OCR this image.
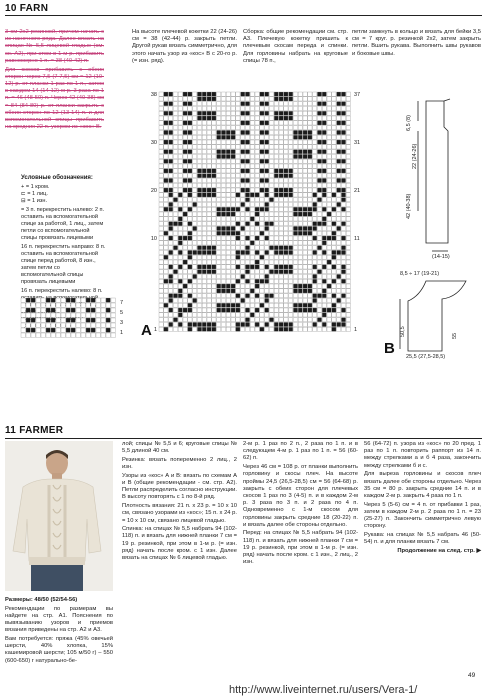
10 FARN

3 см 2x2 резинкой, причем начать с из-наночного ряда. Далее вязать на спицах № 5,5 лицевой гладью (см. сх. А2), при этом в 1-м р. прибавить равномерно 1 п. = 38 (40-42) п.

Для скосов прибавить с обеих сторон через 7,5 (7-7,5) см = 12 (10-12) р. от планки 1 раз по 1 п., затем в каждом 14 (14-12)-м р. 3 раза по 1 п. = 46 (48-50) п. Через 42 (40-38) см = 84 (84-80) р. от планки закрыть с обеих сторон по 12 (13-14) п. и для вспомогательной спицы прибавить на средних 22 п. узором из «кос» В.

Условные обозначения:
+ = 1 кром.
⊏ = 1 лиц.
⊟ = 1 изн.
= 3 п. перекрестить налево: 2 п. оставить на вспомогательной спице за работой, 1 лиц., затем петли со вспомогательной спицы провязать лицевыми
16 п. перекрестить направо: 8 п. оставить на вспомогательной спице перед работой, 8 изн., затем петли со вспомогательной спицы провязать лицевыми
16 п. перекрестить налево: 8 п. вспомогательной 8	7
5
3
1 А

На высоте плечевой кокетки 22 (24-26) см = 38 (42-44) р. закрыть петли. Другой рукав вязать симметрично, для этого начать узор из «кос» В с 20-го р. (= изн. ряд).

Сборка: общие рекомендации см. стр. А3. Плечевую кокетку пришить к плечевым скосам переда и спинки. Для горловины набрать на круговые спицы 78 п.,

петли замкнуть в кольцо и вязать для бейки 3,5 см = 7 круг. р. резинкой 2x2, затем закрыть петли. Вшить рукава. Выполнить швы рукавов и боковые швы.

38
30
20
10
1
37
31
21
11
1
В
6,5 (8)
42 (40-38)
22 (24-26)
(14-15)
8,5 ÷ 17 (19-21)
50,5	55
25,5 (27,5-28,5)
11 FARMER

Размеры: 48/50 (52/54-56)

Рекомендации по размерам вы найдете на стр. А1. Пояснения по вывязыванию узоров и приемов вязания приведены на стр. А2 и А3.

Вам потребуется: пряжа (45% овечьей шерсти, 40% хлопка, 15% кашемировой шерсти; 105 м/50 г) – 550 (600-650) г натурально-бе-

лой; спицы № 5,5 и 6; круговые спицы № 5,5 длиной 40 см.

Резинка: вязать попеременно 2 лиц., 2 изн.

Узоры из «кос» А и В: вязать по схемам А и В (общие рекомендации - см. стр. А2). Петли распределить согласно инструкции. В высоту повторять с 1 по 8-й ряд.

Плотность вязания: 21 п. x 23 р. = 10 x 10 см, связано узорами из «кос»; 15 п. x 24 р. = 10 x 10 см, связано лицевой гладью.

Спинка: на спицах № 5,5 набрать 94 (102-118) п. и вязать для нижней планки 7 см = 19 р. резинкой, при этом в 1-м р. (= изн. ряд) начать после кром. с 1 изн. Далее вязать на спицах № 6 лицевой гладью.

2-м р. 1 раз по 2 п., 2 раза по 1 п. и в следующем 4-м р. 1 раз по 1 п. = 56 (60-62) п.

Через 46 см = 108 р. от планки выполнить горловину и скосы плеч. На высоте проймы 24,5 (26,5-28,5) см = 56 (64-68) р. закрыть с обеих сторон для плечевых скосов 1 раз по 3 (4-5) п. и в каждом 2-м р. 3 раза по 3 п. и 2 раза по 4 п. Одновременно с 1-м скосом для горловины закрыть средние 18 (20-22) п. и вязать далее обе стороны отдельно.

Перед: на спицах № 5,5 набрать 94 (102-118) п. и вязать для нижней планки 7 см = 19 р. резинкой, при этом в 1-м р. (= изн. ряд) начать после кром. с 1 изн., 2 лиц., 2 изн.

56 (64-72) п. узора из «кос» по 20 пред. 1 раз по 1 п. повторить раппорт из 14 п. между стрелками а и б 4 раза, закончить между стрелками б и с.

Для выреза горловины и скосов плеч вязать далее обе стороны отдельно. Через 35 см = 80 р. закрыть средние 14 п. и в каждом 2-м р. закрыть 4 раза по 1 п.

Через 5 (5-6) см = 4 п. от прибавки 1 раз, затем в каждом 2-м р. 2 раза по 1 п. = 23 (25-27) п. Закончить симметрично левую сторону.

Рукава: на спицах № 5,5 набрать 46 (50-54) п. и для планки вязать 7 см.

Продолжение на след. стр. ▶

49
http://www.liveinternet.ru/users/Vera-1/
